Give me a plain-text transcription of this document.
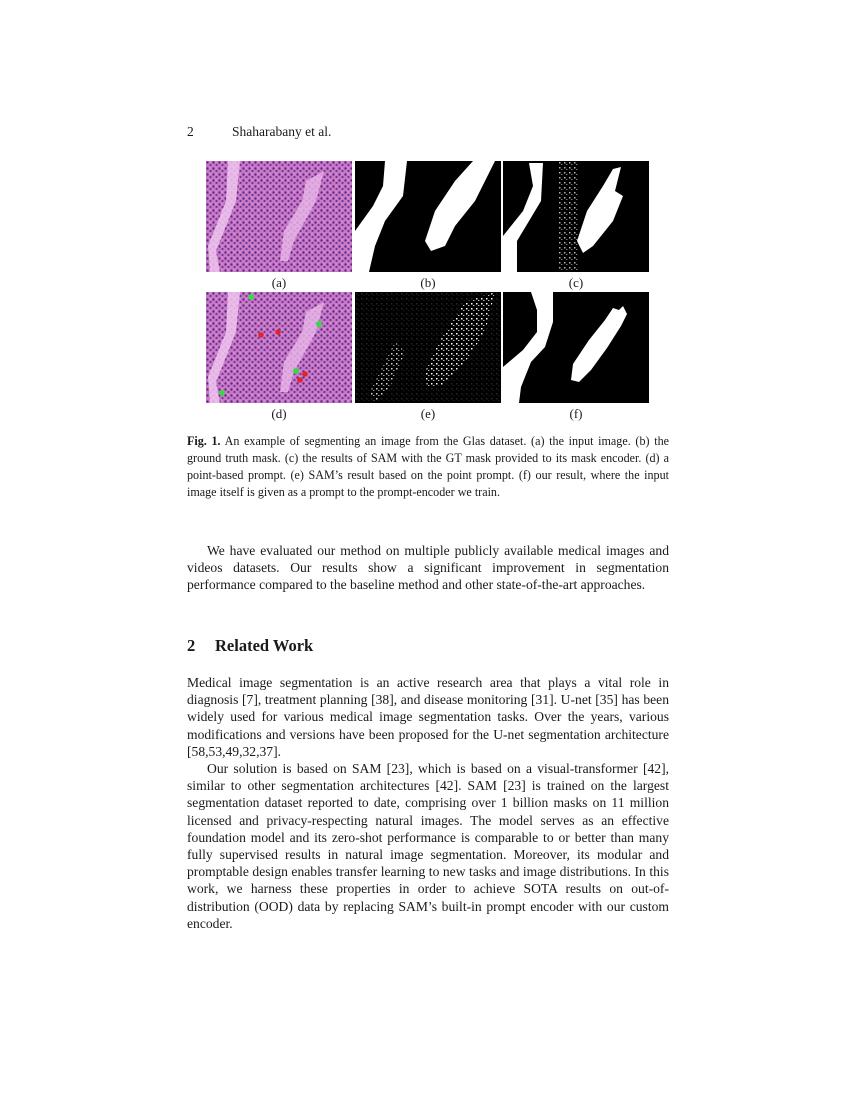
2	Shaharabany et al.
(a)	(b)	(c)
(d)	(e)	(f)
Fig. 1. An example of segmenting an image from the Glas dataset. (a) the input image. (b) the ground truth mask. (c) the results of SAM with the GT mask provided to its mask encoder. (d) a point-based prompt. (e) SAM’s result based on the point prompt. (f) our result, where the input image itself is given as a prompt to the prompt-encoder we train.
We have evaluated our method on multiple publicly available medical images and videos datasets. Our results show a significant improvement in segmentation performance compared to the baseline method and other state-of-the-art approaches.
2 Related Work
Medical image segmentation is an active research area that plays a vital role in diagnosis [7], treatment planning [38], and disease monitoring [31]. U-net [35] has been widely used for various medical image segmentation tasks. Over the years, various modifications and versions have been proposed for the U-net segmentation architecture [58,53,49,32,37].
Our solution is based on SAM [23], which is based on a visual-transformer [42], similar to other segmentation architectures [42]. SAM [23] is trained on the largest segmentation dataset reported to date, comprising over 1 billion masks on 11 million licensed and privacy-respecting natural images. The model serves as an effective foundation model and its zero-shot performance is comparable to or better than many fully supervised results in natural image segmentation. Moreover, its modular and promptable design enables transfer learning to new tasks and image distributions. In this work, we harness these properties in order to achieve SOTA results on out-of-distribution (OOD) data by replacing SAM’s built-in prompt encoder with our custom encoder.
